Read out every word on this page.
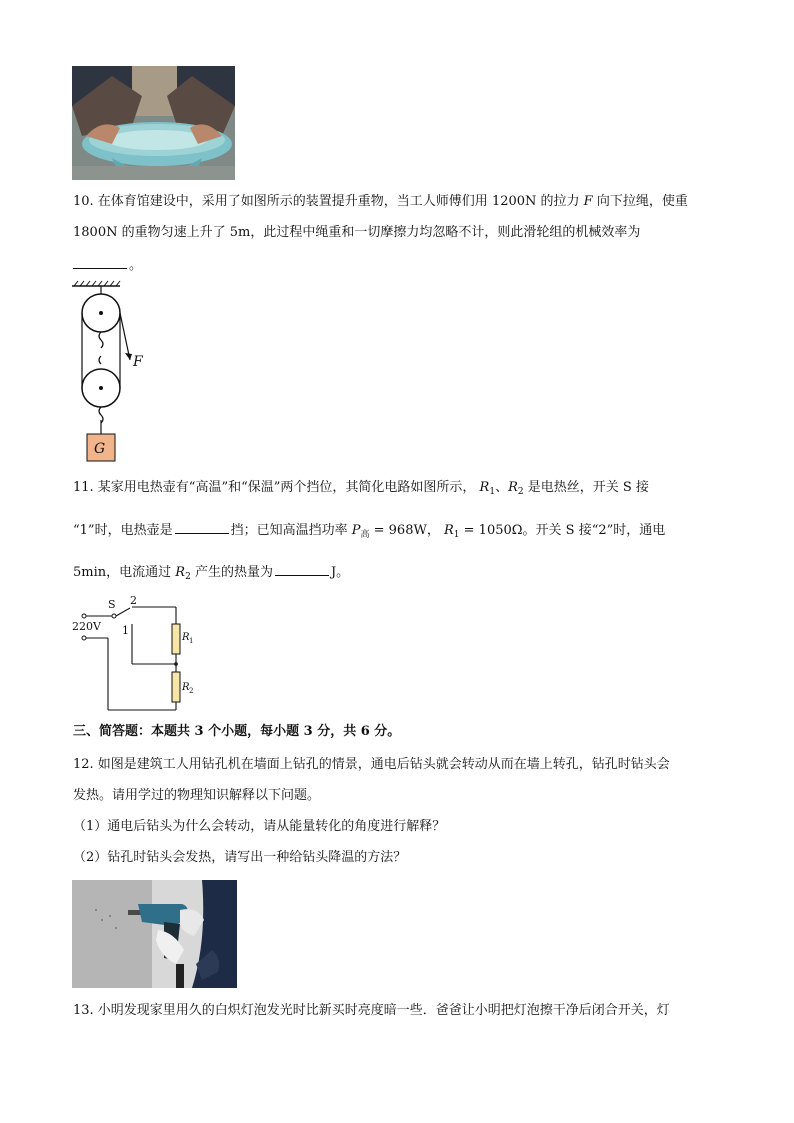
10. 在体育馆建设中，采用了如图所示的装置提升重物，当工人师傅们用 1200N 的拉力 F 向下拉绳，使重
1800N 的重物匀速上升了 5m，此过程中绳重和一切摩擦力均忽略不计，则此滑轮组的机械效率为
。
F
G
11. 某家用电热壶有“高温”和“保温”两个挡位，其简化电路如图所示， $R_1$、$R_2$ 是电热丝，开关 S 接
“1”时，电热壶是	挡；已知高温挡功率 $P_高 = 968W$， $R_1 = 1050\Omega$。开关 S 接“2”时，通电
5min，电流通过 $R_2$ 产生的热量为	J。
S 2
1
220V
R 1
R 2
三、简答题：本题共 3 个小题，每小题 3 分，共 6 分。
12. 如图是建筑工人用钻孔机在墙面上钻孔的情景，通电后钻头就会转动从而在墙上转孔，钻孔时钻头会
发热。请用学过的物理知识解释以下问题。
（1）通电后钻头为什么会转动，请从能量转化的角度进行解释？
（2）钻孔时钻头会发热，请写出一种给钻头降温的方法？
13. 小明发现家里用久的白炽灯泡发光时比新买时亮度暗一些．爸爸让小明把灯泡擦干净后闭合开关，灯
